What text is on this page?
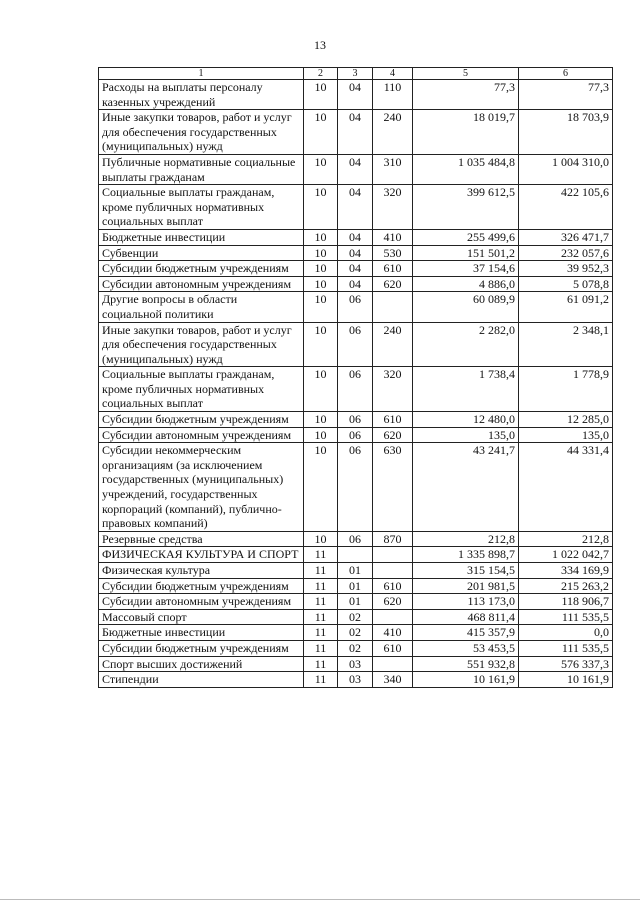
13
1	2	3	4	5	6
Расходы на выплаты персоналу казенных учреждений	10	04	110	77,3	77,3
Иные закупки товаров, работ и услуг для обеспечения государственных (муниципальных) нужд	10	04	240	18 019,7	18 703,9
Публичные нормативные социальные выплаты гражданам	10	04	310	1 035 484,8	1 004 310,0
Социальные выплаты гражданам, кроме публичных нормативных социальных выплат	10	04	320	399 612,5	422 105,6
Бюджетные инвестиции	10	04	410	255 499,6	326 471,7
Субвенции	10	04	530	151 501,2	232 057,6
Субсидии бюджетным учреждениям	10	04	610	37 154,6	39 952,3
Субсидии автономным учреждениям	10	04	620	4 886,0	5 078,8
Другие вопросы в области социальной политики	10	06		60 089,9	61 091,2
Иные закупки товаров, работ и услуг для обеспечения государственных (муниципальных) нужд	10	06	240	2 282,0	2 348,1
Социальные выплаты гражданам, кроме публичных нормативных социальных выплат	10	06	320	1 738,4	1 778,9
Субсидии бюджетным учреждениям	10	06	610	12 480,0	12 285,0
Субсидии автономным учреждениям	10	06	620	135,0	135,0
Субсидии некоммерческим организациям (за исключением государственных (муниципальных) учреждений, государственных корпораций (компаний), публично-правовых компаний)	10	06	630	43 241,7	44 331,4
Резервные средства	10	06	870	212,8	212,8
ФИЗИЧЕСКАЯ КУЛЬТУРА И СПОРТ	11			1 335 898,7	1 022 042,7
Физическая культура	11	01		315 154,5	334 169,9
Субсидии бюджетным учреждениям	11	01	610	201 981,5	215 263,2
Субсидии автономным учреждениям	11	01	620	113 173,0	118 906,7
Массовый спорт	11	02		468 811,4	111 535,5
Бюджетные инвестиции	11	02	410	415 357,9	0,0
Субсидии бюджетным учреждениям	11	02	610	53 453,5	111 535,5
Спорт высших достижений	11	03		551 932,8	576 337,3
Стипендии	11	03	340	10 161,9	10 161,9
